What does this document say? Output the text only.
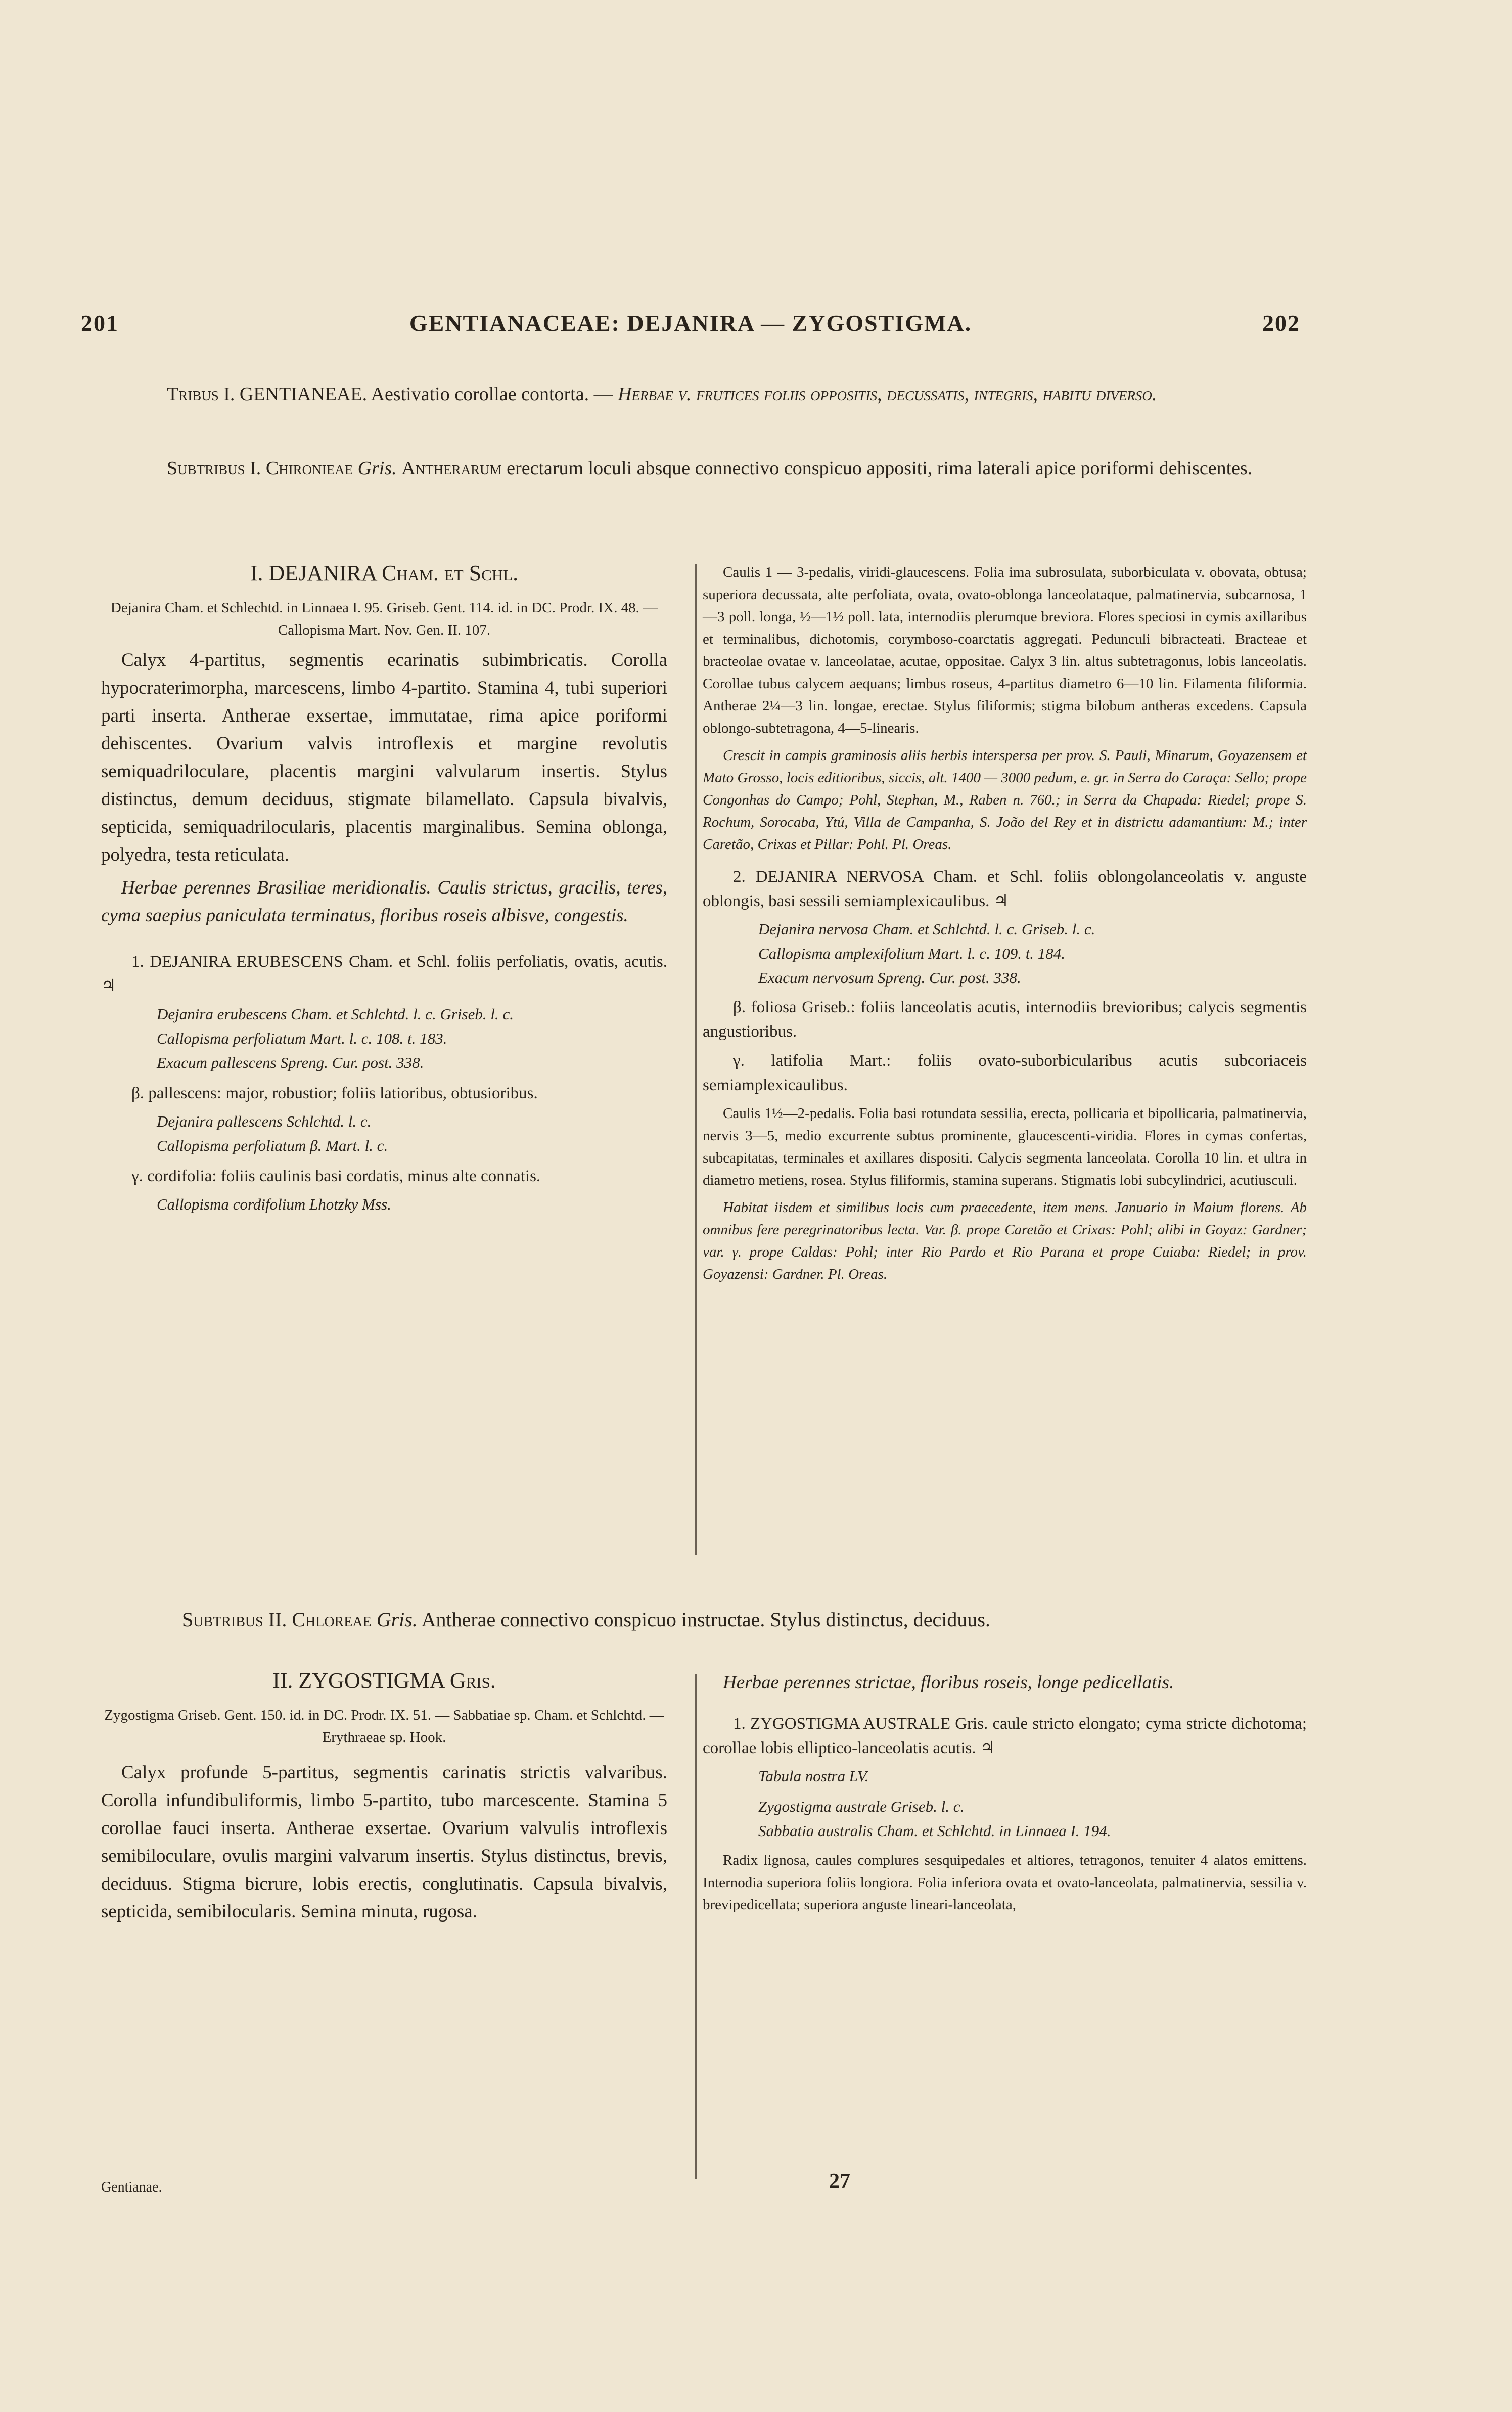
201	GENTIANACEAE: DEJANIRA — ZYGOSTIGMA.	202
Tribus I. GENTIANEAE. Aestivatio corollae contorta. — Herbae v. frutices foliis oppositis, decussatis, integris, habitu diverso.
Subtribus I. Chironieae Gris. Antherarum erectarum loculi absque connectivo conspicuo appositi, rima laterali apice poriformi dehiscentes.
I. DEJANIRA Cham. et Schl.

Dejanira Cham. et Schlechtd. in Linnaea I. 95. Griseb. Gent. 114. id. in DC. Prodr. IX. 48. — Callopisma Mart. Nov. Gen. II. 107.

Calyx 4-partitus, segmentis ecarinatis subimbricatis. Corolla hypocraterimorpha, marcescens, limbo 4-partito. Stamina 4, tubi superiori parti inserta. Antherae exsertae, immutatae, rima apice poriformi dehiscentes. Ovarium valvis introflexis et margine revolutis semiquadriloculare, placentis margini valvularum insertis. Stylus distinctus, demum deciduus, stigmate bilamellato. Capsula bivalvis, septicida, semiquadrilocularis, placentis marginalibus. Semina oblonga, polyedra, testa reticulata.

Herbae perennes Brasiliae meridionalis. Caulis strictus, gracilis, teres, cyma saepius paniculata terminatus, floribus roseis albisve, congestis.

1. DEJANIRA ERUBESCENS Cham. et Schl. foliis perfoliatis, ovatis, acutis. ♃

Dejanira erubescens Cham. et Schlchtd. l. c. Griseb. l. c.
Callopisma perfoliatum Mart. l. c. 108. t. 183.
Exacum pallescens Spreng. Cur. post. 338.

β. pallescens: major, robustior; foliis latioribus, obtusioribus.

Dejanira pallescens Schlchtd. l. c.
Callopisma perfoliatum β. Mart. l. c.

γ. cordifolia: foliis caulinis basi cordatis, minus alte connatis.

Callopisma cordifolium Lhotzky Mss.

Caulis 1 — 3-pedalis, viridi-glaucescens. Folia ima subrosulata, suborbiculata v. obovata, obtusa; superiora decussata, alte perfoliata, ovata, ovato-oblonga lanceolataque, palmatinervia, subcarnosa, 1—3 poll. longa, ½—1½ poll. lata, internodiis plerumque breviora. Flores speciosi in cymis axillaribus et terminalibus, dichotomis, corymboso-coarctatis aggregati. Pedunculi bibracteati. Bracteae et bracteolae ovatae v. lanceolatae, acutae, oppositae. Calyx 3 lin. altus subtetragonus, lobis lanceolatis. Corollae tubus calycem aequans; limbus roseus, 4-partitus diametro 6—10 lin. Filamenta filiformia. Antherae 2¼—3 lin. longae, erectae. Stylus filiformis; stigma bilobum antheras excedens. Capsula oblongo-subtetragona, 4—5-linearis.

Crescit in campis graminosis aliis herbis interspersa per prov. S. Pauli, Minarum, Goyazensem et Mato Grosso, locis editioribus, siccis, alt. 1400 — 3000 pedum, e. gr. in Serra do Caraça: Sello; prope Congonhas do Campo; Pohl, Stephan, M., Raben n. 760.; in Serra da Chapada: Riedel; prope S. Rochum, Sorocaba, Ytú, Villa de Campanha, S. João del Rey et in districtu adamantium: M.; inter Caretão, Crixas et Pillar: Pohl. Pl. Oreas.

2. DEJANIRA NERVOSA Cham. et Schl. foliis oblongolanceolatis v. anguste oblongis, basi sessili semiamplexicaulibus. ♃

Dejanira nervosa Cham. et Schlchtd. l. c. Griseb. l. c.
Callopisma amplexifolium Mart. l. c. 109. t. 184.
Exacum nervosum Spreng. Cur. post. 338.

β. foliosa Griseb.: foliis lanceolatis acutis, internodiis brevioribus; calycis segmentis angustioribus.

γ. latifolia Mart.: foliis ovato-suborbicularibus acutis subcoriaceis semiamplexicaulibus.

Caulis 1½—2-pedalis. Folia basi rotundata sessilia, erecta, pollicaria et bipollicaria, palmatinervia, nervis 3—5, medio excurrente subtus prominente, glaucescenti-viridia. Flores in cymas confertas, subcapitatas, terminales et axillares dispositi. Calycis segmenta lanceolata. Corolla 10 lin. et ultra in diametro metiens, rosea. Stylus filiformis, stamina superans. Stigmatis lobi subcylindrici, acutiusculi.

Habitat iisdem et similibus locis cum praecedente, item mens. Januario in Maium florens. Ab omnibus fere peregrinatoribus lecta. Var. β. prope Caretão et Crixas: Pohl; alibi in Goyaz: Gardner; var. γ. prope Caldas: Pohl; inter Rio Pardo et Rio Parana et prope Cuiaba: Riedel; in prov. Goyazensi: Gardner. Pl. Oreas.

Subtribus II. Chloreae Gris. Antherae connectivo conspicuo instructae. Stylus distinctus, deciduus.
II. ZYGOSTIGMA Gris.

Zygostigma Griseb. Gent. 150. id. in DC. Prodr. IX. 51. — Sabbatiae sp. Cham. et Schlchtd. — Erythraeae sp. Hook.

Calyx profunde 5-partitus, segmentis carinatis strictis valvaribus. Corolla infundibuliformis, limbo 5-partito, tubo marcescente. Stamina 5 corollae fauci inserta. Antherae exsertae. Ovarium valvulis introflexis semibiloculare, ovulis margini valvarum insertis. Stylus distinctus, brevis, deciduus. Stigma bicrure, lobis erectis, conglutinatis. Capsula bivalvis, septicida, semibilocularis. Semina minuta, rugosa.

Herbae perennes strictae, floribus roseis, longe pedicellatis.

1. ZYGOSTIGMA AUSTRALE Gris. caule stricto elongato; cyma stricte dichotoma; corollae lobis elliptico-lanceolatis acutis. ♃

Tabula nostra LV.
Zygostigma australe Griseb. l. c.
Sabbatia australis Cham. et Schlchtd. in Linnaea I. 194.

Radix lignosa, caules complures sesquipedales et altiores, tetragonos, tenuiter 4 alatos emittens. Internodia superiora foliis longiora. Folia inferiora ovata et ovato-lanceolata, palmatinervia, sessilia v. brevipedicellata; superiora anguste lineari-lanceolata,

Gentianae.	27
